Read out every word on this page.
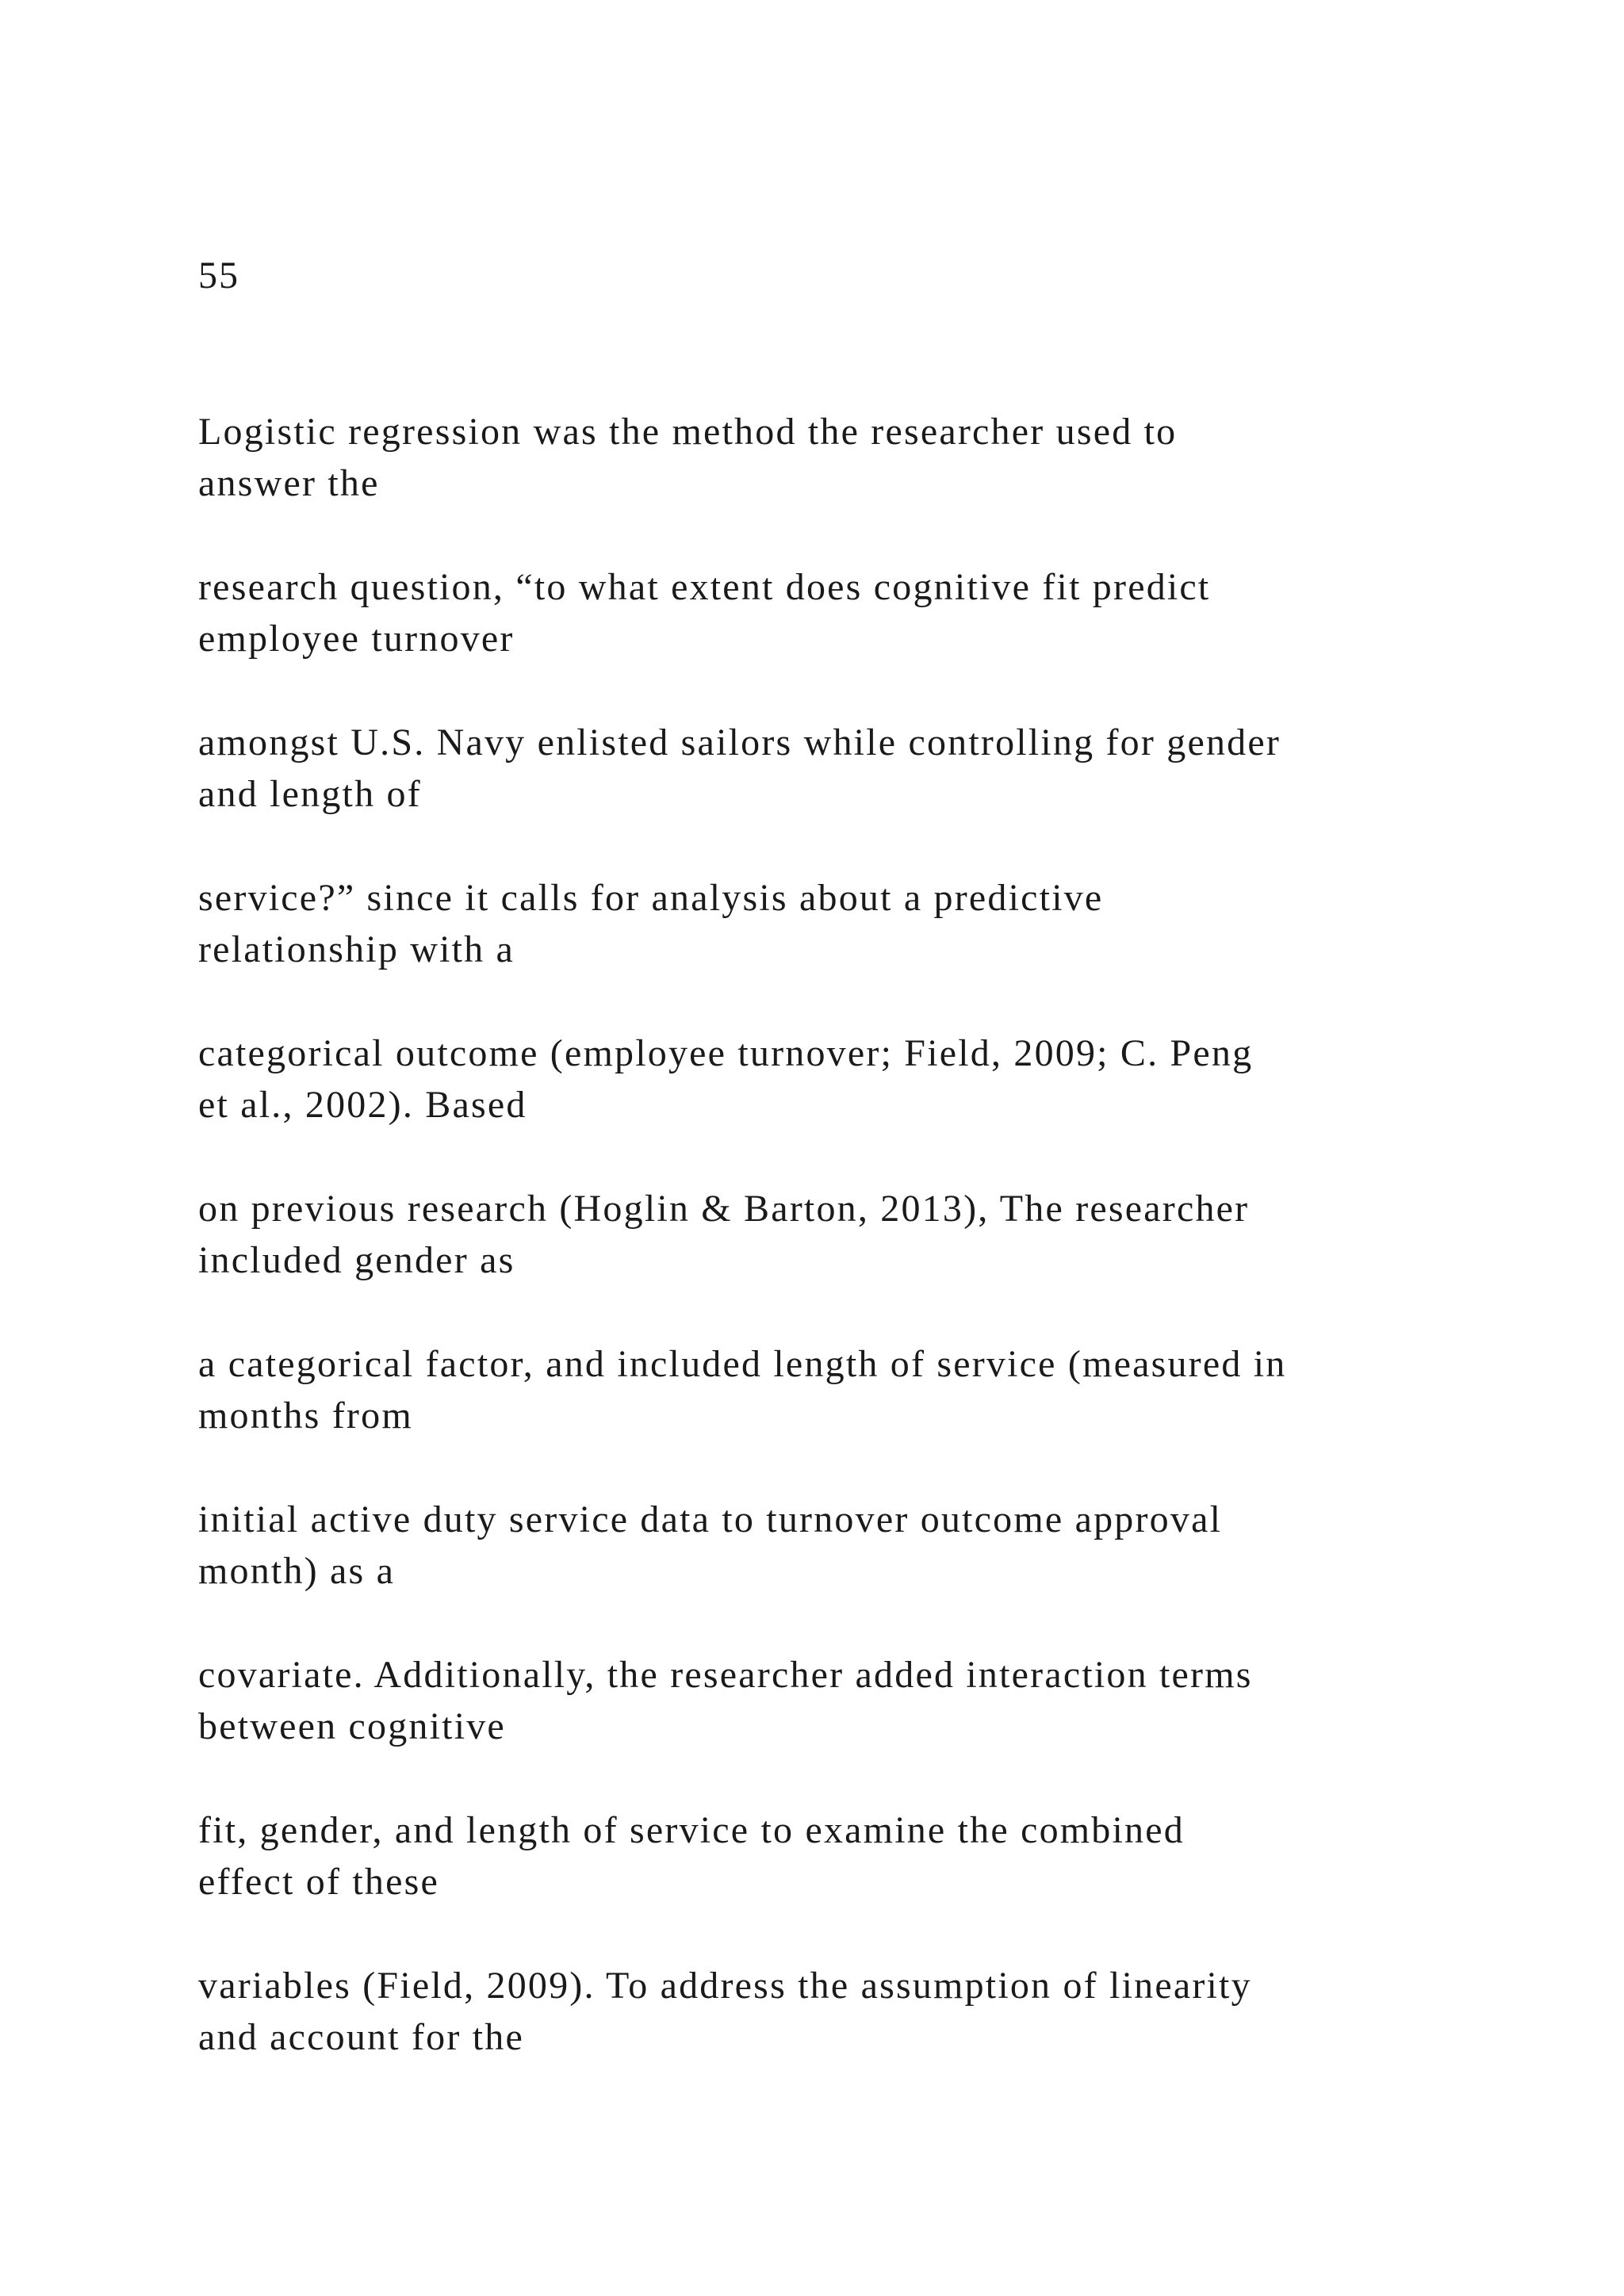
55

Logistic regression was the method the researcher used to
answer the
research question, “to what extent does cognitive fit predict
employee turnover
amongst U.S. Navy enlisted sailors while controlling for gender
and length of
service?” since it calls for analysis about a predictive
relationship with a
categorical outcome (employee turnover; Field, 2009; C. Peng
et al., 2002). Based
on previous research (Hoglin & Barton, 2013), The researcher
included gender as
a categorical factor, and included length of service (measured in
months from
initial active duty service data to turnover outcome approval
month) as a
covariate. Additionally, the researcher added interaction terms
between cognitive
fit, gender, and length of service to examine the combined
effect of these
variables (Field, 2009). To address the assumption of linearity
and account for the
